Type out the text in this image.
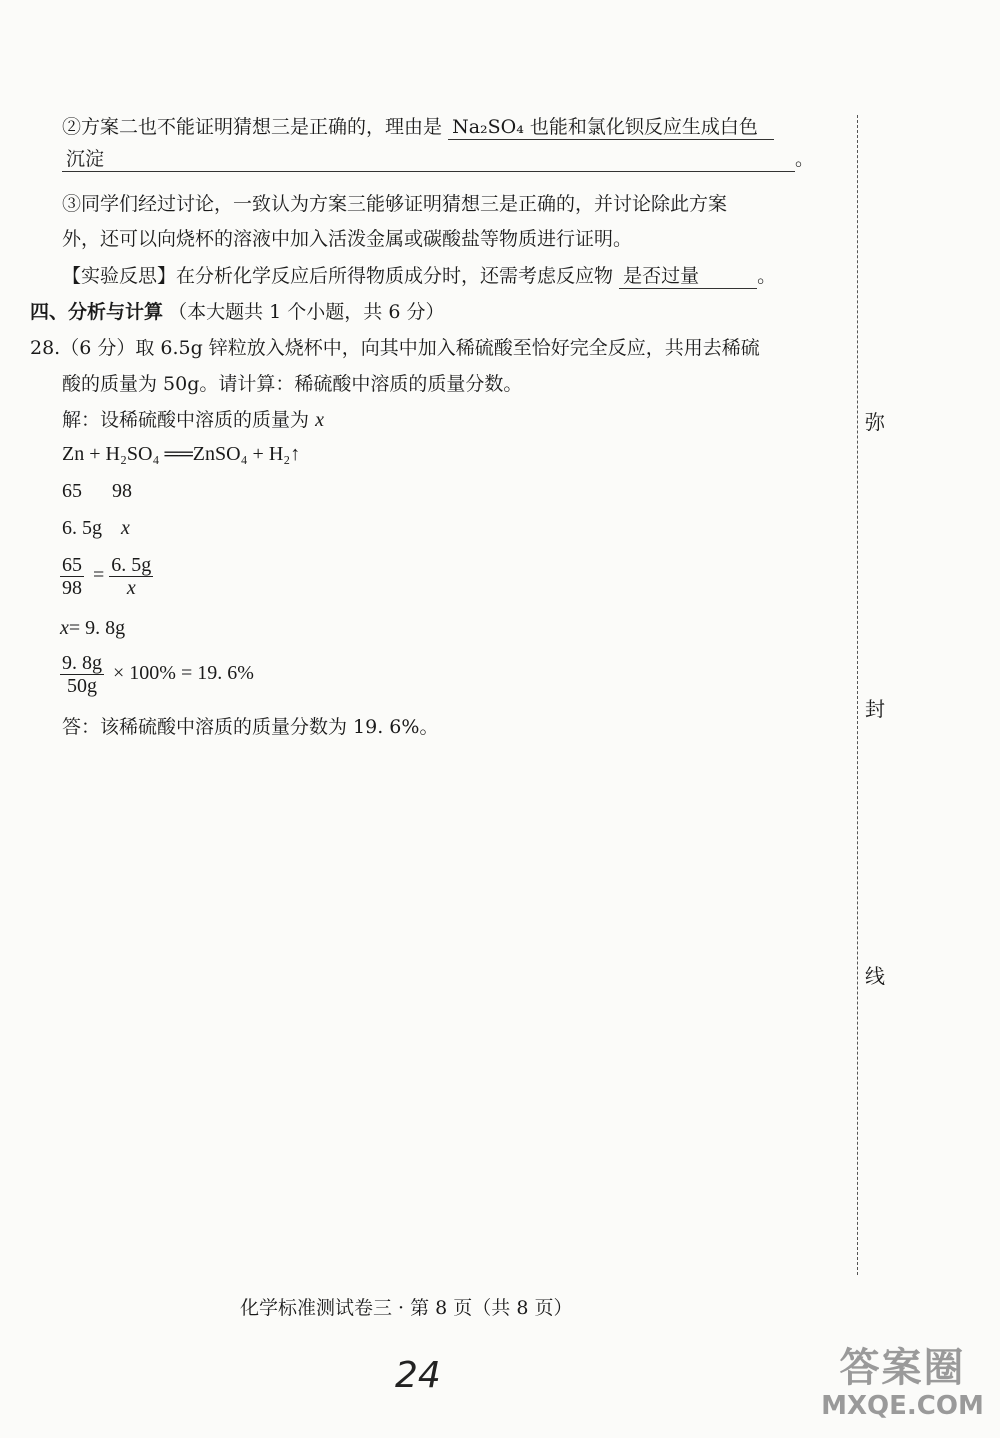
②方案二也不能证明猜想三是正确的，理由是 Na₂SO₄ 也能和氯化钡反应生成白色
沉淀	。
③同学们经过讨论，一致认为方案三能够证明猜想三是正确的，并讨论除此方案
外，还可以向烧杯的溶液中加入活泼金属或碳酸盐等物质进行证明。
【实验反思】在分析化学反应后所得物质成分时，还需考虑反应物 是否过量	。
四、分析与计算 （本大题共 1 个小题，共 6 分）
28.（6 分）取 6.5g 锌粒放入烧杯中，向其中加入稀硫酸至恰好完全反应，共用去稀硫
酸的质量为 50g。请计算：稀硫酸中溶质的质量分数。
解：设稀硫酸中溶质的质量为 x
Zn + H₂SO₄ ══ZnSO₄ + H₂↑
65      98
6. 5g x
$\frac{65}{98} = \frac{6. 5g}{x}$
x= 9. 8g
$\frac{9. 8g}{50g} \times 100\% = 19$. 6%
答：该稀硫酸中溶质的质量分数为 19. 6%。
弥
封
线
化学标准测试卷三 · 第 8 页（共 8 页）
24	答案圈
MXQE.COM
